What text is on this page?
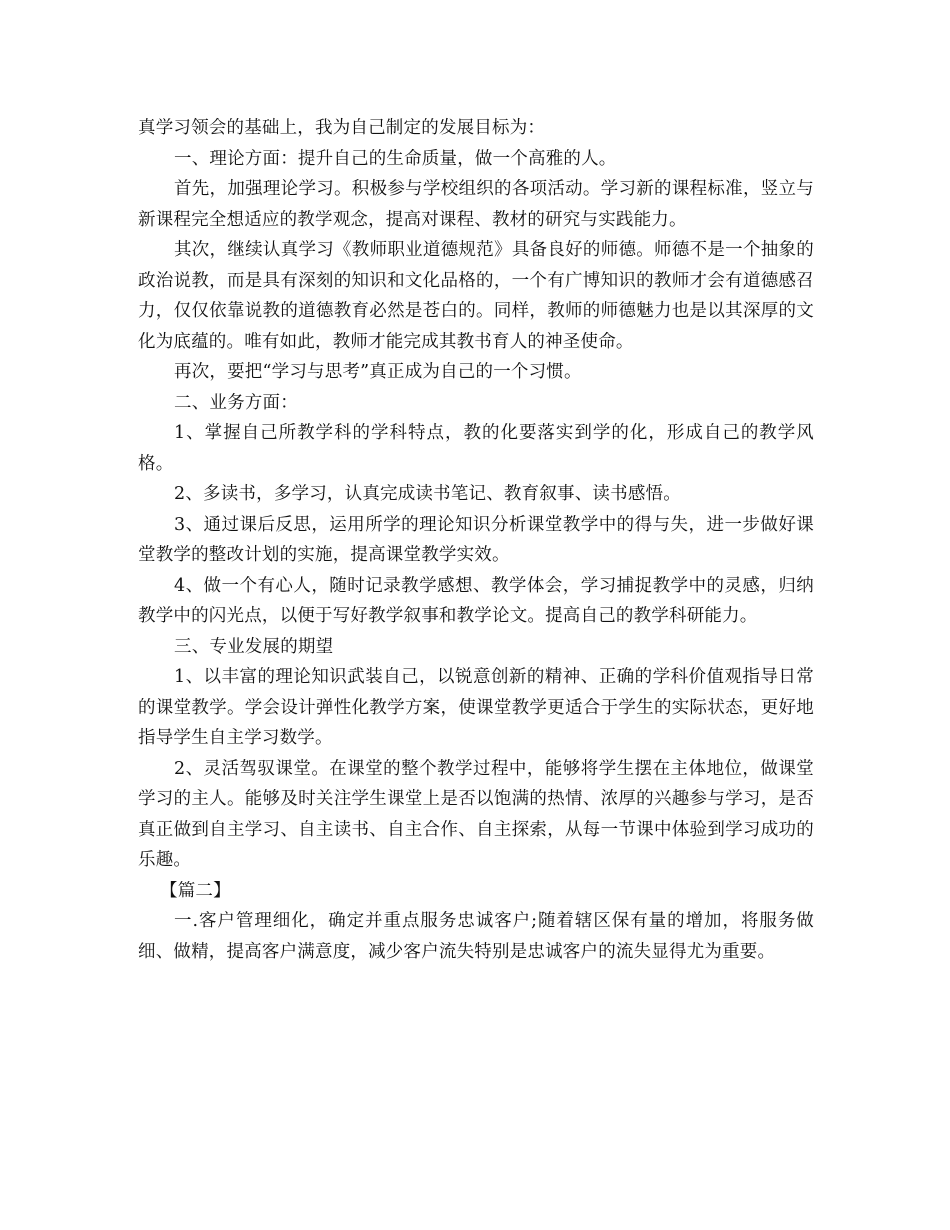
真学习领会的基础上，我为自己制定的发展目标为：

一、理论方面：提升自己的生命质量，做一个高雅的人。

首先，加强理论学习。积极参与学校组织的各项活动。学习新的课程标准，竖立与新课程完全想适应的教学观念，提高对课程、教材的研究与实践能力。

其次，继续认真学习《教师职业道德规范》具备良好的师德。师德不是一个抽象的政治说教，而是具有深刻的知识和文化品格的，一个有广博知识的教师才会有道德感召力，仅仅依靠说教的道德教育必然是苍白的。同样，教师的师德魅力也是以其深厚的文化为底蕴的。唯有如此，教师才能完成其教书育人的神圣使命。

再次，要把“学习与思考”真正成为自己的一个习惯。

二、业务方面：

1、掌握自己所教学科的学科特点，教的化要落实到学的化，形成自己的教学风格。

2、多读书，多学习，认真完成读书笔记、教育叙事、读书感悟。

3、通过课后反思，运用所学的理论知识分析课堂教学中的得与失，进一步做好课堂教学的整改计划的实施，提高课堂教学实效。

4、做一个有心人，随时记录教学感想、教学体会，学习捕捉教学中的灵感，归纳教学中的闪光点，以便于写好教学叙事和教学论文。提高自己的教学科研能力。

三、专业发展的期望

1、以丰富的理论知识武装自己，以锐意创新的精神、正确的学科价值观指导日常的课堂教学。学会设计弹性化教学方案，使课堂教学更适合于学生的实际状态，更好地指导学生自主学习数学。

2、灵活驾驭课堂。在课堂的整个教学过程中，能够将学生摆在主体地位，做课堂学习的主人。能够及时关注学生课堂上是否以饱满的热情、浓厚的兴趣参与学习，是否真正做到自主学习、自主读书、自主合作、自主探索，从每一节课中体验到学习成功的乐趣。

【篇二】

一.客户管理细化，确定并重点服务忠诚客户;随着辖区保有量的增加，将服务做细、做精，提高客户满意度，减少客户流失特别是忠诚客户的流失显得尤为重要。
